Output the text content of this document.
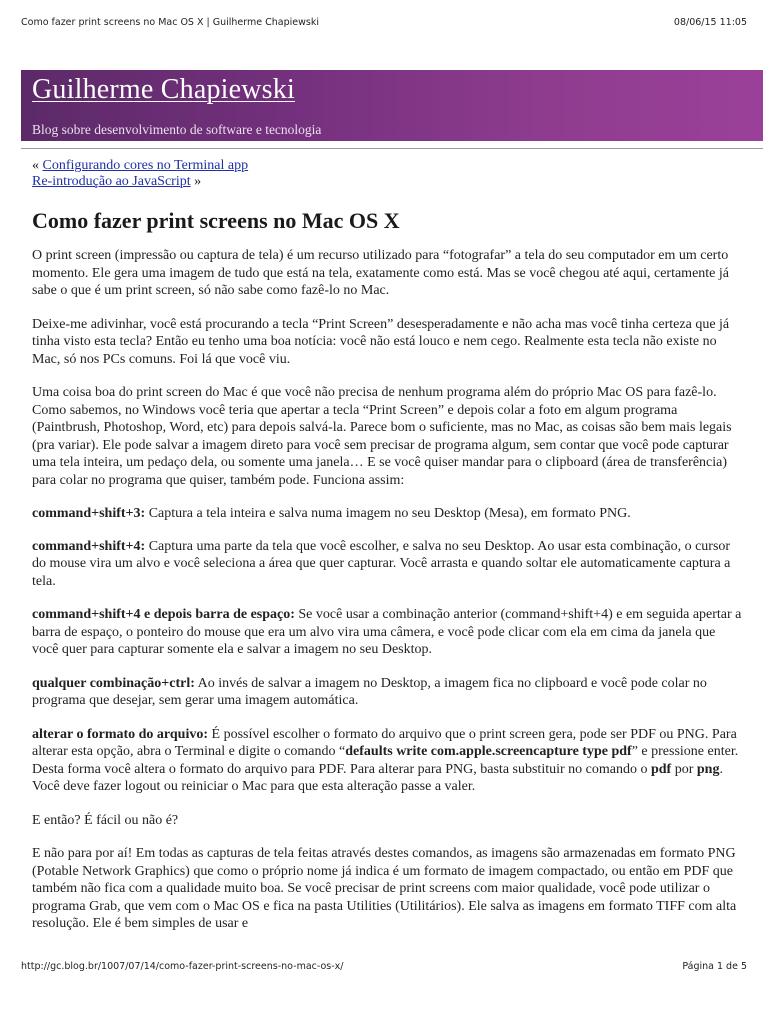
Como fazer print screens no Mac OS X | Guilherme Chapiewski	08/06/15 11:05
Guilherme Chapiewski
Blog sobre desenvolvimento de software e tecnologia
« Configurando cores no Terminal app
Re-introdução ao JavaScript »
Como fazer print screens no Mac OS X

O print screen (impressão ou captura de tela) é um recurso utilizado para “fotografar” a tela do seu computador em um certo momento. Ele gera uma imagem de tudo que está na tela, exatamente como está. Mas se você chegou até aqui, certamente já sabe o que é um print screen, só não sabe como fazê-lo no Mac.

Deixe-me adivinhar, você está procurando a tecla “Print Screen” desesperadamente e não acha mas você tinha certeza que já tinha visto esta tecla? Então eu tenho uma boa notícia: você não está louco e nem cego. Realmente esta tecla não existe no Mac, só nos PCs comuns. Foi lá que você viu.

Uma coisa boa do print screen do Mac é que você não precisa de nenhum programa além do próprio Mac OS para fazê-lo. Como sabemos, no Windows você teria que apertar a tecla “Print Screen” e depois colar a foto em algum programa (Paintbrush, Photoshop, Word, etc) para depois salvá-la. Parece bom o suficiente, mas no Mac, as coisas são bem mais legais (pra variar). Ele pode salvar a imagem direto para você sem precisar de programa algum, sem contar que você pode capturar uma tela inteira, um pedaço dela, ou somente uma janela… E se você quiser mandar para o clipboard (área de transferência) para colar no programa que quiser, também pode. Funciona assim:

command+shift+3: Captura a tela inteira e salva numa imagem no seu Desktop (Mesa), em formato PNG.

command+shift+4: Captura uma parte da tela que você escolher, e salva no seu Desktop. Ao usar esta combinação, o cursor do mouse vira um alvo e você seleciona a área que quer capturar. Você arrasta e quando soltar ele automaticamente captura a tela.

command+shift+4 e depois barra de espaço: Se você usar a combinação anterior (command+shift+4) e em seguida apertar a barra de espaço, o ponteiro do mouse que era um alvo vira uma câmera, e você pode clicar com ela em cima da janela que você quer para capturar somente ela e salvar a imagem no seu Desktop.

qualquer combinação+ctrl: Ao invés de salvar a imagem no Desktop, a imagem fica no clipboard e você pode colar no programa que desejar, sem gerar uma imagem automática.

alterar o formato do arquivo: É possível escolher o formato do arquivo que o print screen gera, pode ser PDF ou PNG. Para alterar esta opção, abra o Terminal e digite o comando “defaults write com.apple.screencapture type pdf” e pressione enter. Desta forma você altera o formato do arquivo para PDF. Para alterar para PNG, basta substituir no comando o pdf por png. Você deve fazer logout ou reiniciar o Mac para que esta alteração passe a valer.

E então? É fácil ou não é?

E não para por aí! Em todas as capturas de tela feitas através destes comandos, as imagens são armazenadas em formato PNG (Potable Network Graphics) que como o próprio nome já indica é um formato de imagem compactado, ou então em PDF que também não fica com a qualidade muito boa. Se você precisar de print screens com maior qualidade, você pode utilizar o programa Grab, que vem com o Mac OS e fica na pasta Utilities (Utilitários). Ele salva as imagens em formato TIFF com alta resolução. Ele é bem simples de usar e

http://gc.blog.br/1007/07/14/como-fazer-print-screens-no-mac-os-x/	Página 1 de 5
